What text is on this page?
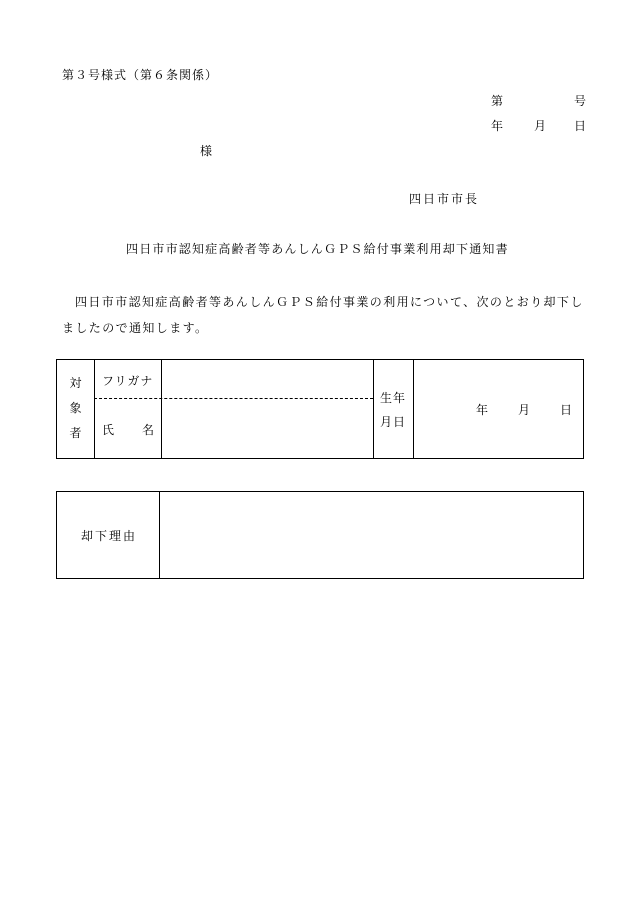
第３号様式（第６条関係）
第	号
年	月 日
様
四日市市長
四日市市認知症高齢者等あんしんＧＰＳ給付事業利用却下通知書
四日市市認知症高齢者等あんしんＧＰＳ給付事業の利用について、次のとおり却下しましたので通知します。
対
象
者
フリガナ
氏 名
生年
月日
年 月 日
却下理由
